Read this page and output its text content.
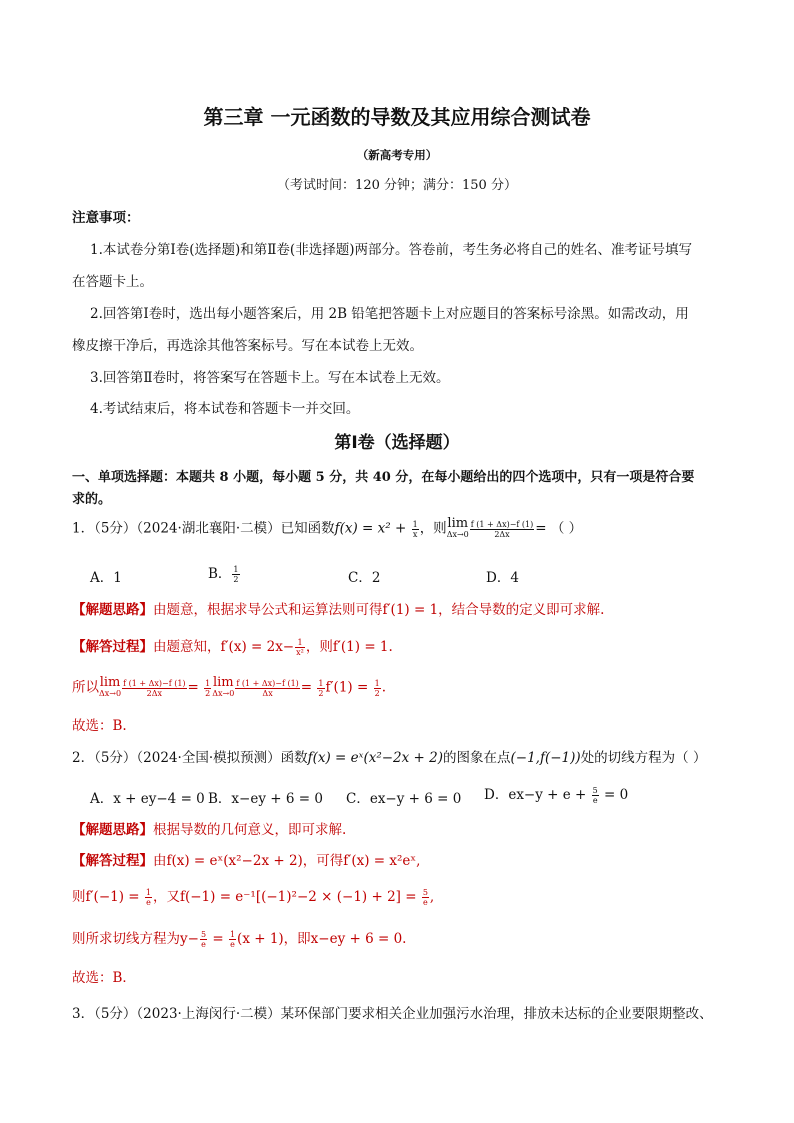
第三章 一元函数的导数及其应用综合测试卷
（新高考专用）
（考试时间：120 分钟；满分：150 分）
注意事项：
1.本试卷分第Ⅰ卷(选择题)和第Ⅱ卷(非选择题)两部分。答卷前，考生务必将自己的姓名、准考证号填写
在答题卡上。
2.回答第Ⅰ卷时，选出每小题答案后，用 2B 铅笔把答题卡上对应题目的答案标号涂黑。如需改动，用
橡皮擦干净后，再选涂其他答案标号。写在本试卷上无效。
3.回答第Ⅱ卷时，将答案写在答题卡上。写在本试卷上无效。
4.考试结束后，将本试卷和答题卡一并交回。
第Ⅰ卷（选择题）
一、单项选择题：本题共 8 小题，每小题 5 分，共 40 分，在每小题给出的四个选项中，只有一项是符合要
求的。
1．（5分）（2024·湖北襄阳·二模）已知函数$f(x) = x^2 + \frac{1}{x}$ ，则 lim
$\Delta x\to 0 \frac{f (1 + \Delta x)-f (1)}{2\Delta x}$ = （ ）
A．1	B． $\frac{1}{2}$	C．2	D．4
【解题思路】由题意，根据求导公式和运算法则可得f′(1) = 1，结合导数的定义即可求解.
【解答过程】由题意知，$f'(x) = 2x- \frac{1}{\text{x²}}$ ，则f′(1) = 1.
所以 lim
$\Delta x\to 0 \frac{f (1 + \Delta x)-f (1)}{2\Delta x} = \frac{1}{2}$ lim
$\Delta x\to 0 \frac{f (1 + \Delta x)-f (1)}{\Delta x} = \frac{1}{2} f'(1) = \frac{1}{2}$ .
故选：B.
2．（5分）（2024·全国·模拟预测）函数f(x) = eˣ(x²−2x + 2)的图象在点(−1,f(−1))处的切线方程为（ ）
A．x + ey−4 = 0 B．x−ey + 6 = 0 C．ex−y + 6 = 0 D．$ex-y + e + \frac{5}{e} = 0$
【解题思路】根据导数的几何意义，即可求解.
【解答过程】由f(x) = eˣ(x²−2x + 2)，可得f′(x) = x²eˣ,
则$f'(-1) = \frac{1}{e}$ ，又$f(-1) = e^{-1}[(-1)^2-2 \times (-1) + 2] = \frac{5}{e}$ ,
则所求切线方程为$y- \frac{5}{e} = \frac{1}{e} (x + 1)$，即x−ey + 6 = 0.
故选：B．
3．（5分）（2023·上海闵行·二模）某环保部门要求相关企业加强污水治理，排放未达标的企业要限期整改、
